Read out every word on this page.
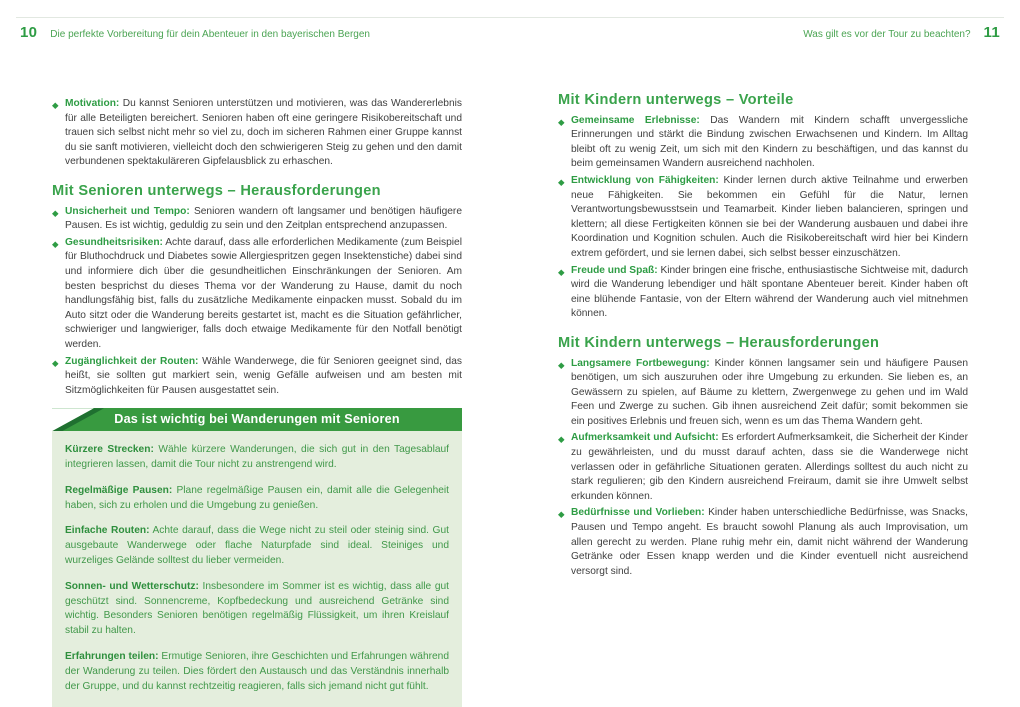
10 Die perfekte Vorbereitung für dein Abenteuer in den bayerischen Bergen	Was gilt es vor der Tour zu beachten? 11
◆ Motivation: Du kannst Senioren unterstützen und motivieren, was das Wandererlebnis für alle Beteiligten bereichert. Senioren haben oft eine geringere Risikobereitschaft und trauen sich selbst nicht mehr so viel zu, doch im sicheren Rahmen einer Gruppe kannst du sie sanft motivieren, vielleicht doch den schwierigeren Steig zu gehen und den damit verbundenen spektakuläreren Gipfelausblick zu erhaschen.
Mit Senioren unterwegs – Herausforderungen
◆ Unsicherheit und Tempo: Senioren wandern oft langsamer und benötigen häufigere Pausen. Es ist wichtig, geduldig zu sein und den Zeitplan entsprechend anzupassen.
◆ Gesundheitsrisiken: Achte darauf, dass alle erforderlichen Medikamente (zum Beispiel für Bluthochdruck und Diabetes sowie Allergiespritzen gegen Insektenstiche) dabei sind und informiere dich über die gesundheitlichen Einschränkungen der Senioren. Am besten besprichst du dieses Thema vor der Wanderung zu Hause, damit du noch handlungsfähig bist, falls du zusätzliche Medikamente einpacken musst. Sobald du im Auto sitzt oder die Wanderung bereits gestartet ist, macht es die Situation gefährlicher, schwieriger und langwieriger, falls doch etwaige Medikamente für den Notfall benötigt werden.
◆ Zugänglichkeit der Routen: Wähle Wanderwege, die für Senioren geeignet sind, das heißt, sie sollten gut markiert sein, wenig Gefälle aufweisen und am besten mit Sitzmöglichkeiten für Pausen ausgestattet sein.
Das ist wichtig bei Wanderungen mit Senioren

Kürzere Strecken: Wähle kürzere Wanderungen, die sich gut in den Tagesablauf integrieren lassen, damit die Tour nicht zu anstrengend wird.

Regelmäßige Pausen: Plane regelmäßige Pausen ein, damit alle die Gelegenheit haben, sich zu erholen und die Umgebung zu genießen.

Einfache Routen: Achte darauf, dass die Wege nicht zu steil oder steinig sind. Gut ausgebaute Wanderwege oder flache Naturpfade sind ideal. Steiniges und wurzeliges Gelände solltest du lieber vermeiden.

Sonnen- und Wetterschutz: Insbesondere im Sommer ist es wichtig, dass alle gut geschützt sind. Sonnencreme, Kopfbedeckung und ausreichend Getränke sind wichtig. Besonders Senioren benötigen regelmäßig Flüssigkeit, um ihren Kreislauf stabil zu halten.

Erfahrungen teilen: Ermutige Senioren, ihre Geschichten und Erfahrungen während der Wanderung zu teilen. Dies fördert den Austausch und das Verständnis innerhalb der Gruppe, und du kannst rechtzeitig reagieren, falls sich jemand nicht gut fühlt.

Mit Kindern unterwegs – Vorteile
◆ Gemeinsame Erlebnisse: Das Wandern mit Kindern schafft unvergessliche Erinnerungen und stärkt die Bindung zwischen Erwachsenen und Kindern. Im Alltag bleibt oft zu wenig Zeit, um sich mit den Kindern zu beschäftigen, und das kannst du beim gemeinsamen Wandern ausreichend nachholen.
◆ Entwicklung von Fähigkeiten: Kinder lernen durch aktive Teilnahme und erwerben neue Fähigkeiten. Sie bekommen ein Gefühl für die Natur, lernen Verantwortungsbewusstsein und Teamarbeit. Kinder lieben balancieren, springen und klettern; all diese Fertigkeiten können sie bei der Wanderung ausbauen und dabei ihre Koordination und Kognition schulen. Auch die Risikobereitschaft wird hier bei Kindern extrem gefördert, und sie lernen dabei, sich selbst besser einzuschätzen.
◆ Freude und Spaß: Kinder bringen eine frische, enthusiastische Sichtweise mit, dadurch wird die Wanderung lebendiger und hält spontane Abenteuer bereit. Kinder haben oft eine blühende Fantasie, von der Eltern während der Wanderung auch viel mitnehmen können.
Mit Kindern unterwegs – Herausforderungen
◆ Langsamere Fortbewegung: Kinder können langsamer sein und häufigere Pausen benötigen, um sich auszuruhen oder ihre Umgebung zu erkunden. Sie lieben es, an Gewässern zu spielen, auf Bäume zu klettern, Zwergenwege zu gehen und im Wald Feen und Zwerge zu suchen. Gib ihnen ausreichend Zeit dafür; somit bekommen sie ein positives Erlebnis und freuen sich, wenn es um das Thema Wandern geht.
◆ Aufmerksamkeit und Aufsicht: Es erfordert Aufmerksamkeit, die Sicherheit der Kinder zu gewährleisten, und du musst darauf achten, dass sie die Wanderwege nicht verlassen oder in gefährliche Situationen geraten. Allerdings solltest du auch nicht zu stark regulieren; gib den Kindern ausreichend Freiraum, damit sie ihre Umwelt selbst erkunden können.
◆ Bedürfnisse und Vorlieben: Kinder haben unterschiedliche Bedürfnisse, was Snacks, Pausen und Tempo angeht. Es braucht sowohl Planung als auch Improvisation, um allen gerecht zu werden. Plane ruhig mehr ein, damit nicht während der Wanderung Getränke oder Essen knapp werden und die Kinder eventuell nicht ausreichend versorgt sind.
